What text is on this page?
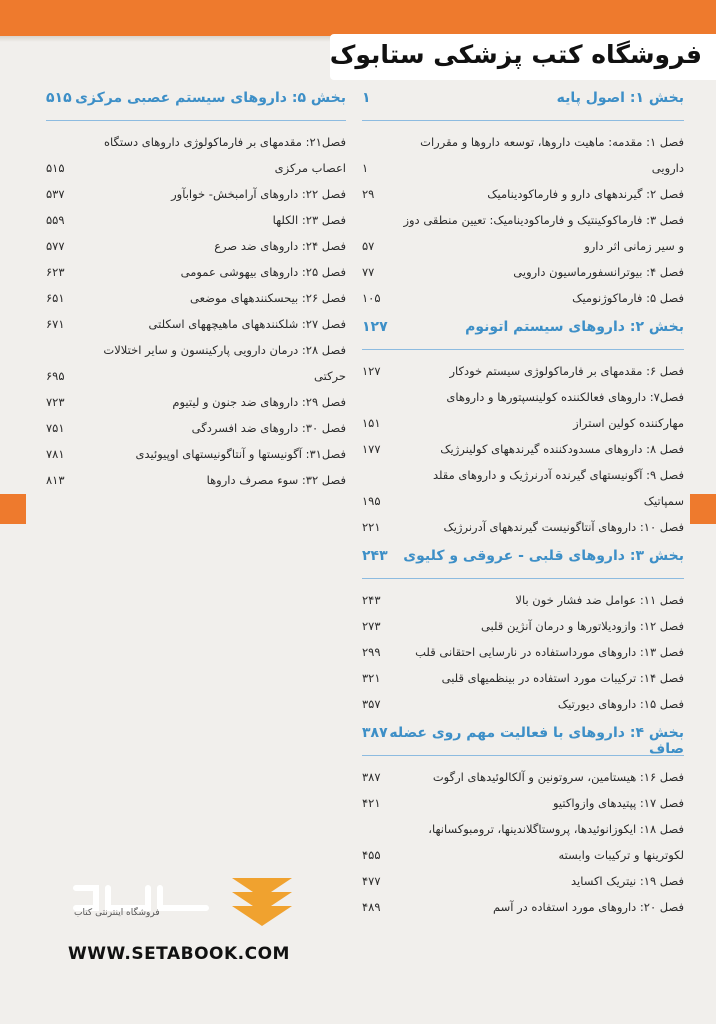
فروشگاه کتب پزشکی ستابوک
بخش ۱: اصول پایه
۱
فصل ۱: مقدمه: ماهیت داروها، توسعه داروها و مقررات دارویی
۱
فصل ۲: گیرندههای دارو و فارماکودینامیک
۲۹
فصل ۳: فارماکوکینتیک و فارماکودینامیک: تعیین منطقی دوز و سیر زمانی اثر دارو
۵۷
فصل ۴: بیوترانسفورماسیون دارویی
۷۷
فصل ۵: فارماکوژنومیک
۱۰۵
بخش ۲: داروهای سیستم اتونوم
۱۲۷
فصل ۶: مقدمهای بر فارماکولوژی سیستم خودکار
۱۲۷
فصل۷: داروهای فعالکننده کولینسپتورها و داروهای مهارکننده کولین استراز
۱۵۱
فصل ۸: داروهای مسدودکننده گیرندههای کولینرژیک
۱۷۷
فصل ۹: آگونیستهای گیرنده آدرنرژیک و داروهای مقلد سمپاتیک
۱۹۵
فصل ۱۰: داروهای آنتاگونیست گیرندههای آدرنرژیک
۲۲۱
بخش ۳: داروهای قلبی - عروقی و کلیوی
۲۴۳
فصل ۱۱: عوامل ضد فشار خون بالا
۲۴۳
فصل ۱۲: وازودیلاتورها و درمان آنژین قلبی
۲۷۳
فصل ۱۳: داروهای مورداستفاده در نارسایی احتقانی قلب
۲۹۹
فصل ۱۴: ترکیبات مورد استفاده در بینظمیهای قلبی
۳۲۱
فصل ۱۵: داروهای دیورتیک
۳۵۷
بخش ۴: داروهای با فعالیت مهم روی عضله صاف
۳۸۷
فصل ۱۶: هیستامین، سروتونین و آلکالوئیدهای ارگوت
۳۸۷
فصل ۱۷: پپتیدهای وازواکتیو
۴۲۱
فصل ۱۸: ایکوزانوئیدها، پروستاگلاندینها، ترومبوکسانها، لکوترینها و ترکیبات وابسته
۴۵۵
فصل ۱۹: نیتریک اکساید
۴۷۷
فصل ۲۰: داروهای مورد استفاده در آسم
۴۸۹
بخش ۵: داروهای سیستم عصبی مرکزی
۵۱۵
فصل۲۱: مقدمهای بر فارماکولوژی داروهای دستگاه اعصاب مرکزی
۵۱۵
فصل ۲۲: داروهای آرامبخش- خوابآور
۵۳۷
فصل ۲۳: الکلها
۵۵۹
فصل ۲۴: داروهای ضد صرع
۵۷۷
فصل ۲۵: داروهای بیهوشی عمومی
۶۲۳
فصل ۲۶: بیحسکنندههای موضعی
۶۵۱
فصل ۲۷: شلکنندههای ماهیچههای اسکلتی
۶۷۱
فصل ۲۸: درمان دارویی پارکینسون و سایر اختلالات حرکتی
۶۹۵
فصل ۲۹: داروهای ضد جنون و لیتیوم
۷۲۳
فصل ۳۰: داروهای ضد افسردگی
۷۵۱
فصل۳۱: آگونیستها و آنتاگونیستهای اوپیوئیدی
۷۸۱
فصل ۳۲: سوء مصرف داروها
۸۱۳
فروشگاه اینترنتی کتاب
WWW.SETABOOK.COM
